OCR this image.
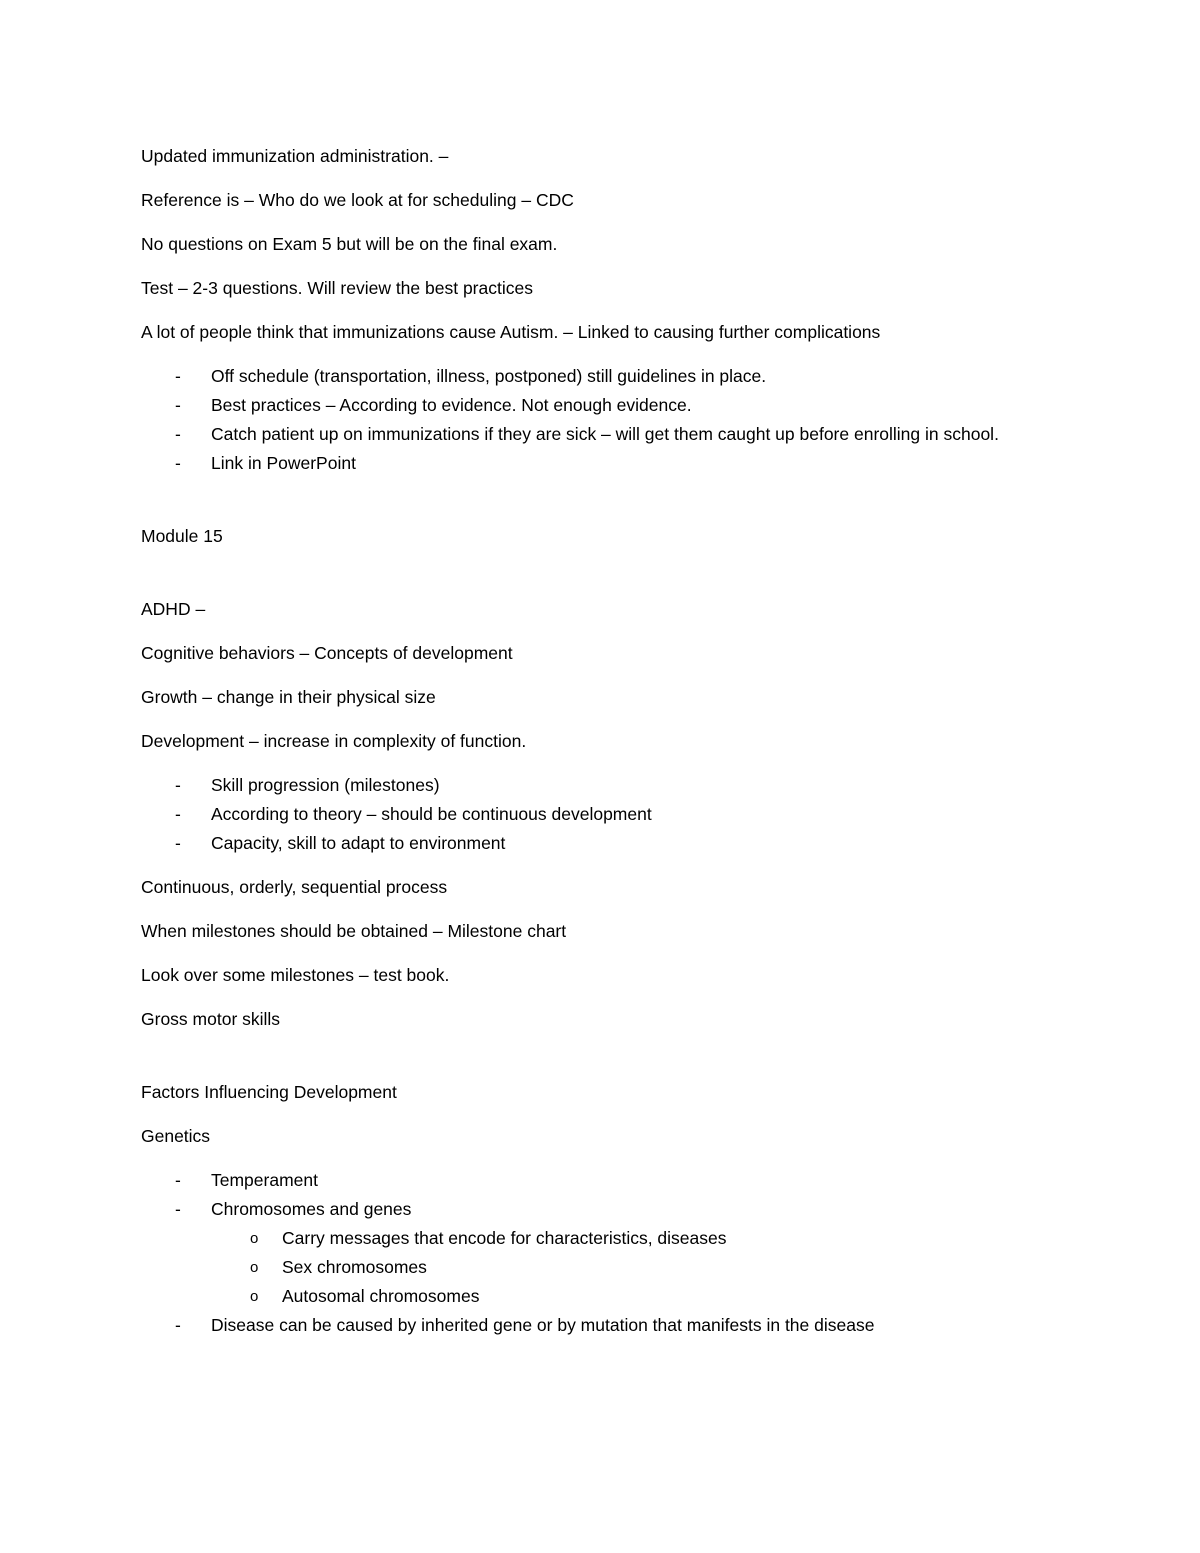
Updated immunization administration. –

Reference is – Who do we look at for scheduling – CDC

No questions on Exam 5 but will be on the final exam.

Test – 2-3 questions. Will review the best practices

A lot of people think that immunizations cause Autism. – Linked to causing further complications

- Off schedule (transportation, illness, postponed) still guidelines in place.
- Best practices – According to evidence. Not enough evidence.
- Catch patient up on immunizations if they are sick – will get them caught up before enrolling in school.
- Link in PowerPoint

Module 15

ADHD –

Cognitive behaviors – Concepts of development

Growth – change in their physical size

Development – increase in complexity of function.

- Skill progression (milestones)
- According to theory – should be continuous development
- Capacity, skill to adapt to environment

Continuous, orderly, sequential process

When milestones should be obtained – Milestone chart

Look over some milestones – test book.

Gross motor skills

Factors Influencing Development

Genetics

- Temperament
- Chromosomes and genes
o Carry messages that encode for characteristics, diseases
o Sex chromosomes
o Autosomal chromosomes
- Disease can be caused by inherited gene or by mutation that manifests in the disease
